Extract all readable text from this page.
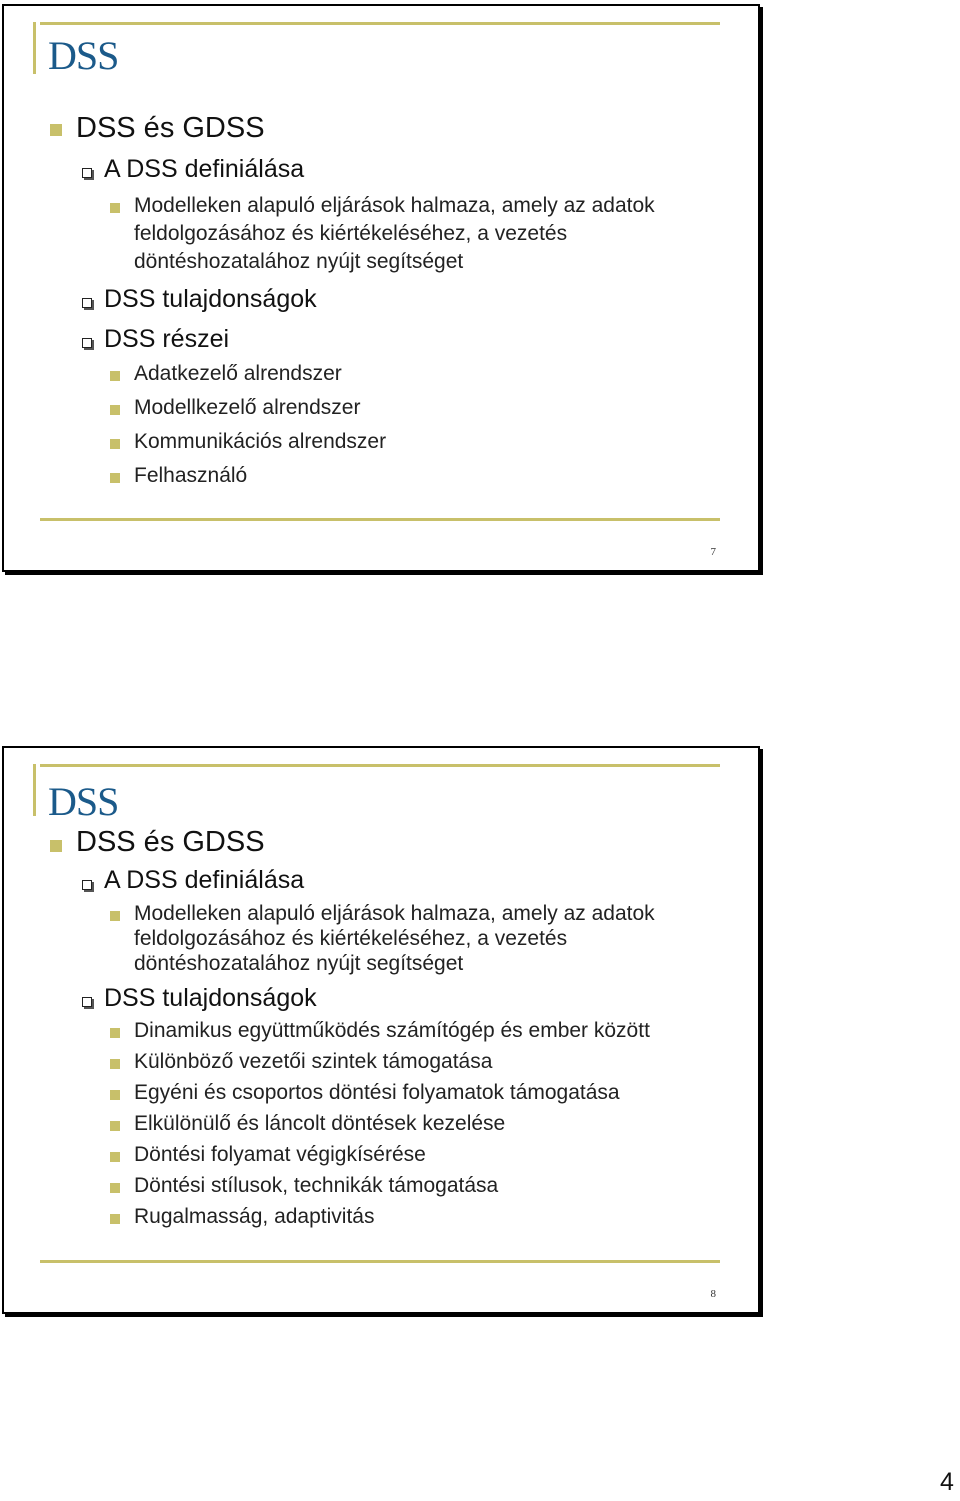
DSS
DSS és GDSS
A DSS definiálása
Modelleken alapuló eljárások halmaza, amely az adatok
feldolgozásához és kiértékeléséhez, a vezetés
döntéshozatalához nyújt segítséget
DSS tulajdonságok
DSS részei
Adatkezelő alrendszer
Modellkezelő alrendszer
Kommunikációs alrendszer
Felhasználó
7
DSS
DSS és GDSS
A DSS definiálása
Modelleken alapuló eljárások halmaza, amely az adatok
feldolgozásához és kiértékeléséhez, a vezetés
döntéshozatalához nyújt segítséget
DSS tulajdonságok
Dinamikus együttműködés számítógép és ember között
Különböző vezetői szintek támogatása
Egyéni és csoportos döntési folyamatok támogatása
Elkülönülő és láncolt döntések kezelése
Döntési folyamat végigkísérése
Döntési stílusok, technikák támogatása
Rugalmasság, adaptivitás
8
4
